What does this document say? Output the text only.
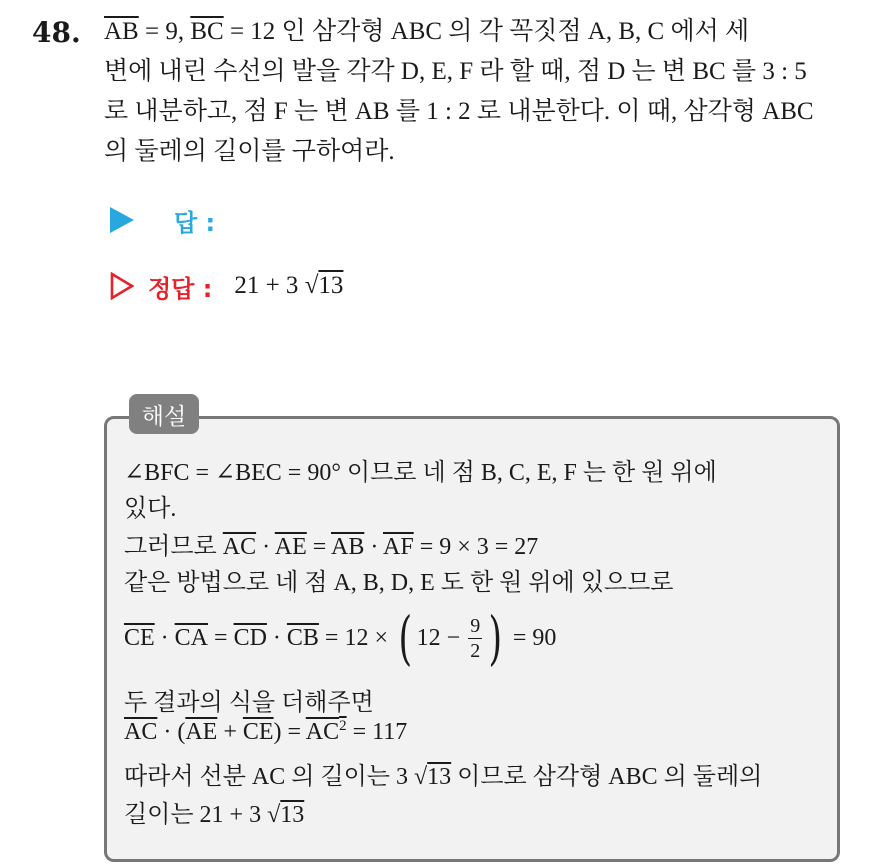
48. $\overline{AB} = 9$, $\overline{BC} = 12$ 인 삼각형 ABC 의 각 꼭짓점 A, B, C 에서 세
변에 내린 수선의 발을 각각 D, E, F 라 할 때, 점 D 는 변 BC 를 3 : 5
로 내분하고, 점 F 는 변 AB 를 1 : 2 로 내분한다. 이 때, 삼각형 ABC
의 둘레의 길이를 구하여라.
답 :
정답 : 21 + 3 √13
해설
∠BFC = ∠BEC = 90° 이므로 네 점 B, C, E, F 는 한 원 위에
있다.
그러므로 $\overline{AC} \cdot \overline{AE} = \overline{AB} \cdot \overline{AF} = 9 \times 3 = 27$
같은 방법으로 네 점 A, B, D, E 도 한 원 위에 있으므로
$\overline{CE} \cdot \overline{CA} = \overline{CD} \cdot \overline{CB} = 12$ × ( $12 - \frac{9}{2}$ ) = 90
두 결과의 식을 더해주면
$\overline{AC} \cdot (\overline{AE} + \overline{CE}) = AC^2 = 117$
따라서 선분 AC 의 길이는 3 √13 이므로 삼각형 ABC 의 둘레의
길이는 21 + 3 √13
